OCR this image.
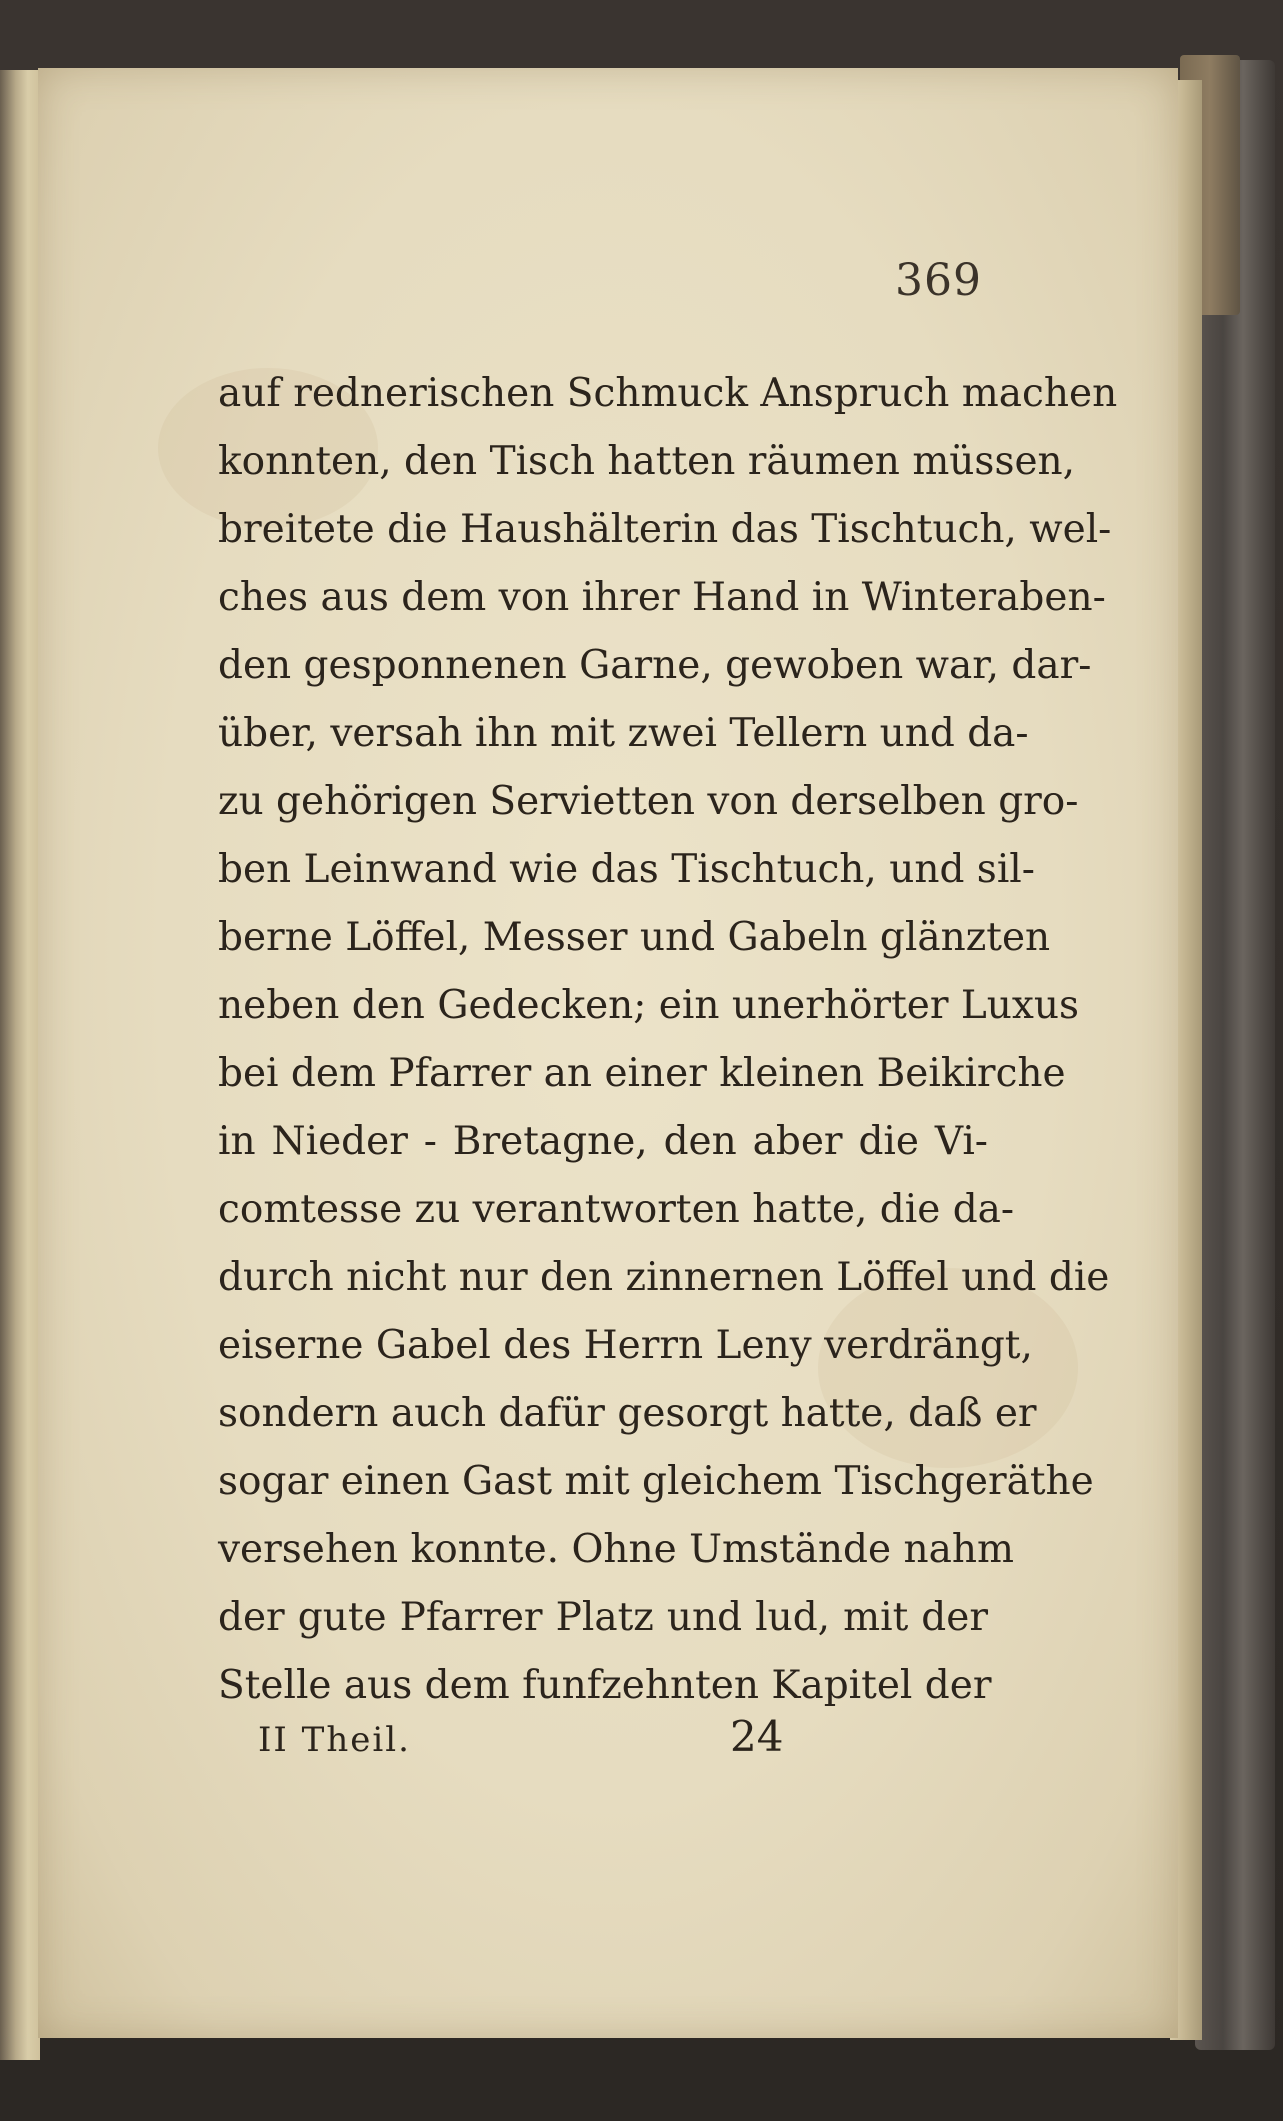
369
auf rednerischen Schmuck Anspruch machen
konnten, den Tisch hatten räumen müssen,
breitete die Haushälterin das Tischtuch, wel-
ches aus dem von ihrer Hand in Winteraben-
den gesponnenen Garne, gewoben war, dar-
über, versah ihn mit zwei Tellern und da-
zu gehörigen Servietten von derselben gro-
ben Leinwand wie das Tischtuch, und sil-
berne Löffel, Messer und Gabeln glänzten
neben den Gedecken; ein unerhörter Luxus
bei dem Pfarrer an einer kleinen Beikirche
in Nieder - Bretagne, den aber die Vi-
comtesse zu verantworten hatte, die da-
durch nicht nur den zinnernen Löffel und die
eiserne Gabel des Herrn Leny verdrängt,
sondern auch dafür gesorgt hatte, daß er
sogar einen Gast mit gleichem Tischgeräthe
versehen konnte. Ohne Umstände nahm
der gute Pfarrer Platz und lud, mit der
Stelle aus dem funfzehnten Kapitel der
II Theil.	24
